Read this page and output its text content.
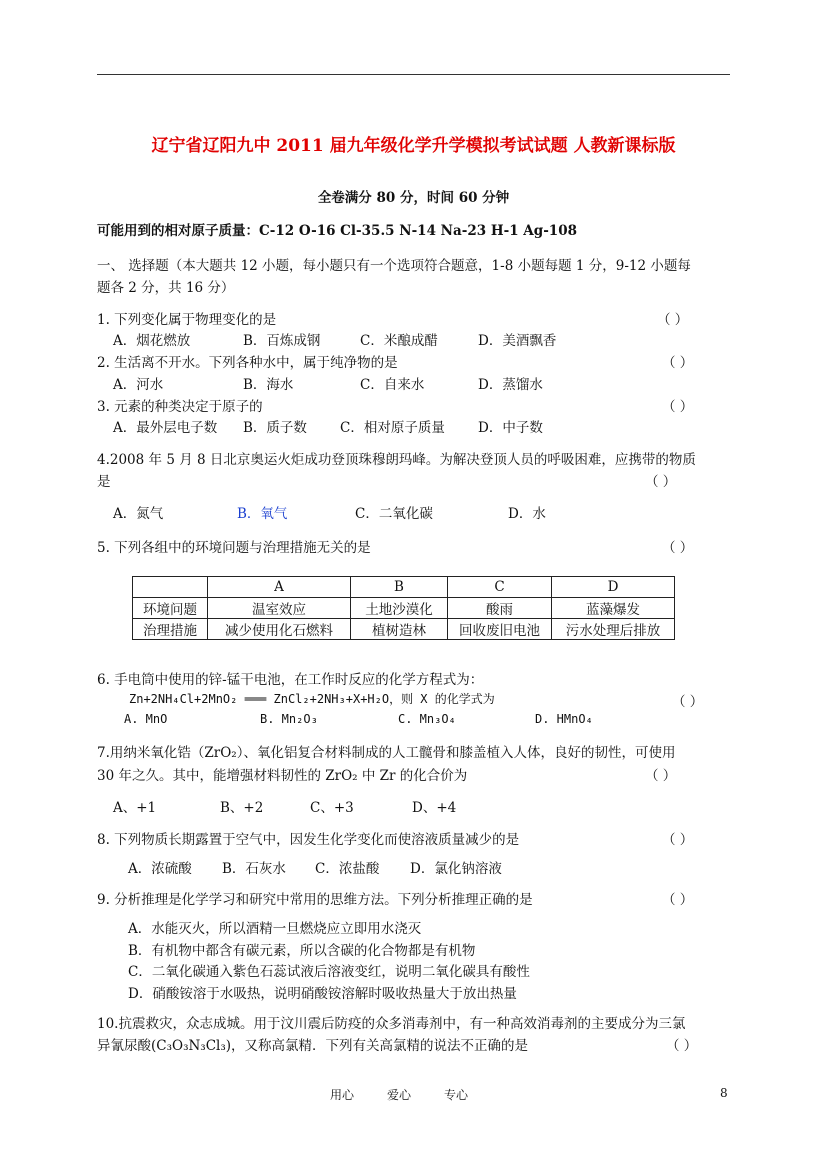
辽宁省辽阳九中 2011 届九年级化学升学模拟考试试题 人教新课标版
全卷满分 80 分，时间 60 分钟
可能用到的相对原子质量：C-12 O-16 Cl-35.5 N-14 Na-23 H-1 Ag-108
一、 选择题（本大题共 12 小题，每小题只有一个选项符合题意，1-8 小题每题 1 分，9-12 小题每
题各 2 分，共 16 分）
1. 下列变化属于物理变化的是	（ ）
A．烟花燃放	B．百炼成钢	C．米酿成醋	D．美酒飘香
2. 生活离不开水。下列各种水中，属于纯净物的是	（ ）
A．河水	B．海水	C．自来水	D．蒸馏水
3. 元素的种类决定于原子的	（ ）
A．最外层电子数 B．质子数 C．相对原子质量 D．中子数
4.2008 年 5 月 8 日北京奥运火炬成功登顶珠穆朗玛峰。为解决登顶人员的呼吸困难，应携带的物质
是	（ ）
A．氮气	B．氧气	C．二氧化碳	D．水
5. 下列各组中的环境问题与治理措施无关的是	（ ）
	A	B	C	D
环境问题	温室效应	土地沙漠化	酸雨	蓝藻爆发
治理措施	减少使用化石燃料	植树造林	回收废旧电池	污水处理后排放
6. 手电筒中使用的锌-锰干电池，在工作时反应的化学方程式为：
Zn+2NH₄Cl+2MnO₂ ═══ ZnCl₂+2NH₃+X+H₂O，则 X 的化学式为	（ ）
A. MnO	B. Mn₂O₃	C. Mn₃O₄	D. HMnO₄
7.用纳米氧化锆（ZrO₂）、氧化铝复合材料制成的人工髋骨和膝盖植入人体，良好的韧性，可使用
30 年之久。其中，能增强材料韧性的 ZrO₂ 中 Zr 的化合价为	（ ）
A、+1	B、+2	C、+3	D、+4
8. 下列物质长期露置于空气中，因发生化学变化而使溶液质量减少的是	（ ）
A．浓硫酸 B．石灰水 C．浓盐酸 D．氯化钠溶液
9. 分析推理是化学学习和研究中常用的思维方法。下列分析推理正确的是	（ ）
A．水能灭火，所以酒精一旦燃烧应立即用水浇灭
B．有机物中都含有碳元素，所以含碳的化合物都是有机物
C．二氧化碳通入紫色石蕊试液后溶液变红，说明二氧化碳具有酸性
D．硝酸铵溶于水吸热，说明硝酸铵溶解时吸收热量大于放出热量
10.抗震救灾，众志成城。用于汶川震后防疫的众多消毒剂中，有一种高效消毒剂的主要成分为三氯
异氰尿酸(C₃O₃N₃Cl₃)，又称高氯精．下列有关高氯精的说法不正确的是	（ ）
用心	爱心	专心	8
